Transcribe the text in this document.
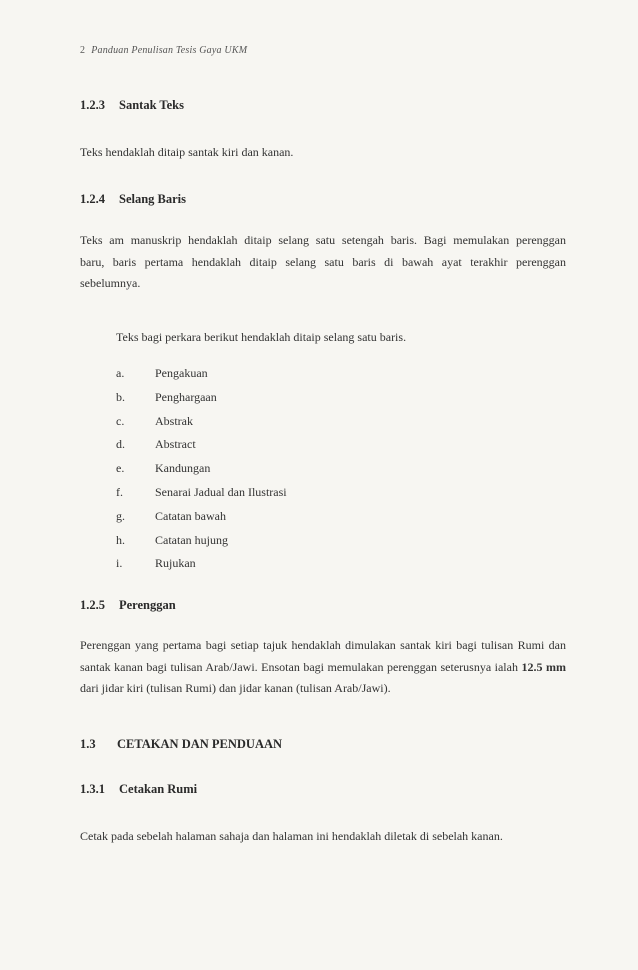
2 Panduan Penulisan Tesis Gaya UKM
1.2.3 Santak Teks
Teks hendaklah ditaip santak kiri dan kanan.
1.2.4 Selang Baris
Teks am manuskrip hendaklah ditaip selang satu setengah baris. Bagi memulakan perenggan baru, baris pertama hendaklah ditaip selang satu baris di bawah ayat terakhir perenggan sebelumnya.
Teks bagi perkara berikut hendaklah ditaip selang satu baris.
a.	Pengakuan
b.	Penghargaan
c.	Abstrak
d.	Abstract
e.	Kandungan
f.	Senarai Jadual dan Ilustrasi
g.	Catatan bawah
h.	Catatan hujung
i.	Rujukan
1.2.5 Perenggan
Perenggan yang pertama bagi setiap tajuk hendaklah dimulakan santak kiri bagi tulisan Rumi dan santak kanan bagi tulisan Arab/Jawi. Ensotan bagi memulakan perenggan seterusnya ialah 12.5 mm dari jidar kiri (tulisan Rumi) dan jidar kanan (tulisan Arab/Jawi).
1.3 CETAKAN DAN PENDUAAN
1.3.1 Cetakan Rumi
Cetak pada sebelah halaman sahaja dan halaman ini hendaklah diletak di sebelah kanan.
